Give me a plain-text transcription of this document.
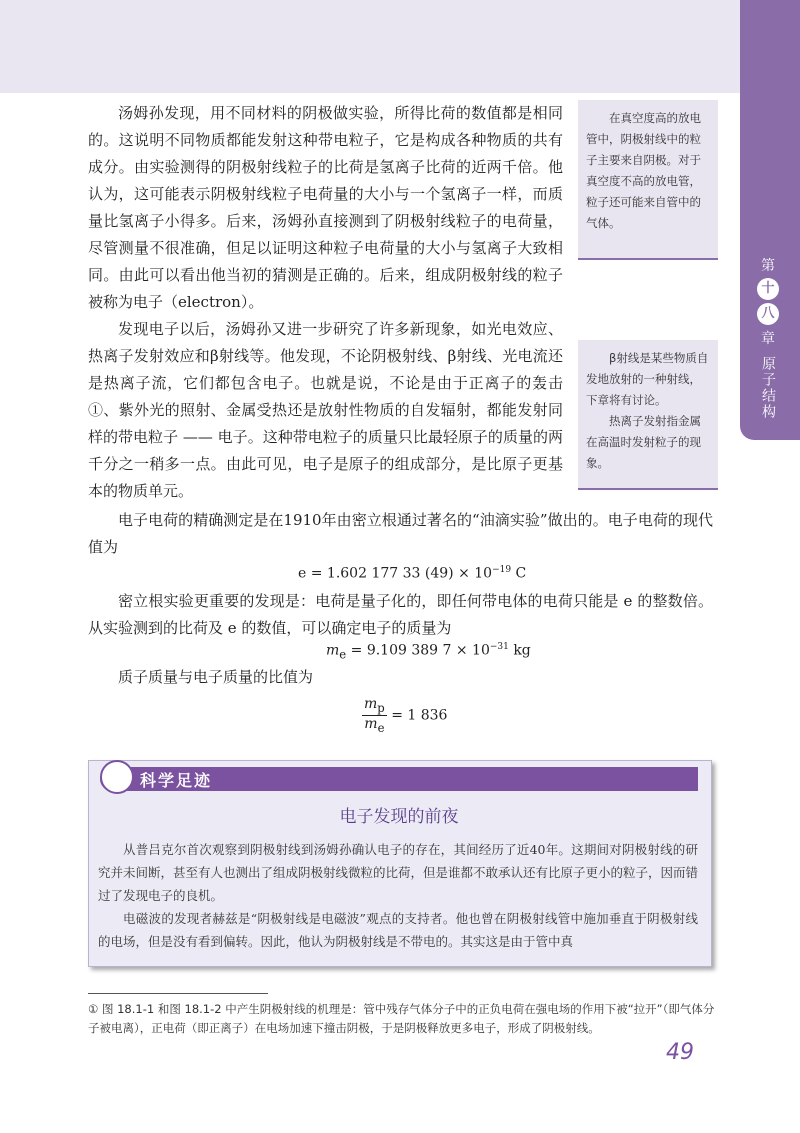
第
十
八
章
原子结构

汤姆孙发现，用不同材料的阴极做实验，所得比荷的数值都是相同的。这说明不同物质都能发射这种带电粒子，它是构成各种物质的共有成分。由实验测得的阴极射线粒子的比荷是氢离子比荷的近两千倍。他认为，这可能表示阴极射线粒子电荷量的大小与一个氢离子一样，而质量比氢离子小得多。后来，汤姆孙直接测到了阴极射线粒子的电荷量，尽管测量不很准确，但足以证明这种粒子电荷量的大小与氢离子大致相同。由此可以看出他当初的猜测是正确的。后来，组成阴极射线的粒子被称为电子（electron）。

发现电子以后，汤姆孙又进一步研究了许多新现象，如光电效应、热离子发射效应和β射线等。他发现，不论阴极射线、β射线、光电流还是热离子流，它们都包含电子。也就是说，不论是由于正离子的轰击①、紫外光的照射、金属受热还是放射性物质的自发辐射，都能发射同样的带电粒子 —— 电子。这种带电粒子的质量只比最轻原子的质量的两千分之一稍多一点。由此可见，电子是原子的组成部分，是比原子更基本的物质单元。

在真空度高的放电管中，阴极射线中的粒子主要来自阴极。对于真空度不高的放电管，粒子还可能来自管中的气体。

β射线是某些物质自发地放射的一种射线，下章将有讨论。

热离子发射指金属在高温时发射粒子的现象。

电子电荷的精确测定是在1910年由密立根通过著名的“油滴实验”做出的。电子电荷的现代值为

e = 1.602 177 33 $(49) \times 10^{-19}$ C

密立根实验更重要的发现是：电荷是量子化的，即任何带电体的电荷只能是 e 的整数倍。从实验测到的比荷及 e 的数值，可以确定电子的质量为

$m_e = 9.109$ 389 $7 \times 10^{-31}$ kg

质子质量与电子质量的比值为

$\frac{m_p}{m_e} = 1$ 836
科学足迹
电子发现的前夜

从普吕克尔首次观察到阴极射线到汤姆孙确认电子的存在，其间经历了近40年。这期间对阴极射线的研究并未间断，甚至有人也测出了组成阴极射线微粒的比荷，但是谁都不敢承认还有比原子更小的粒子，因而错过了发现电子的良机。

电磁波的发现者赫兹是“阴极射线是电磁波”观点的支持者。他也曾在阴极射线管中施加垂直于阴极射线的电场，但是没有看到偏转。因此，他认为阴极射线是不带电的。其实这是由于管中真

① 图 18.1-1 和图 18.1-2 中产生阴极射线的机理是：管中残存气体分子中的正负电荷在强电场的作用下被“拉开”（即气体分子被电离），正电荷（即正离子）在电场加速下撞击阴极，于是阴极释放更多电子，形成了阴极射线。
49
